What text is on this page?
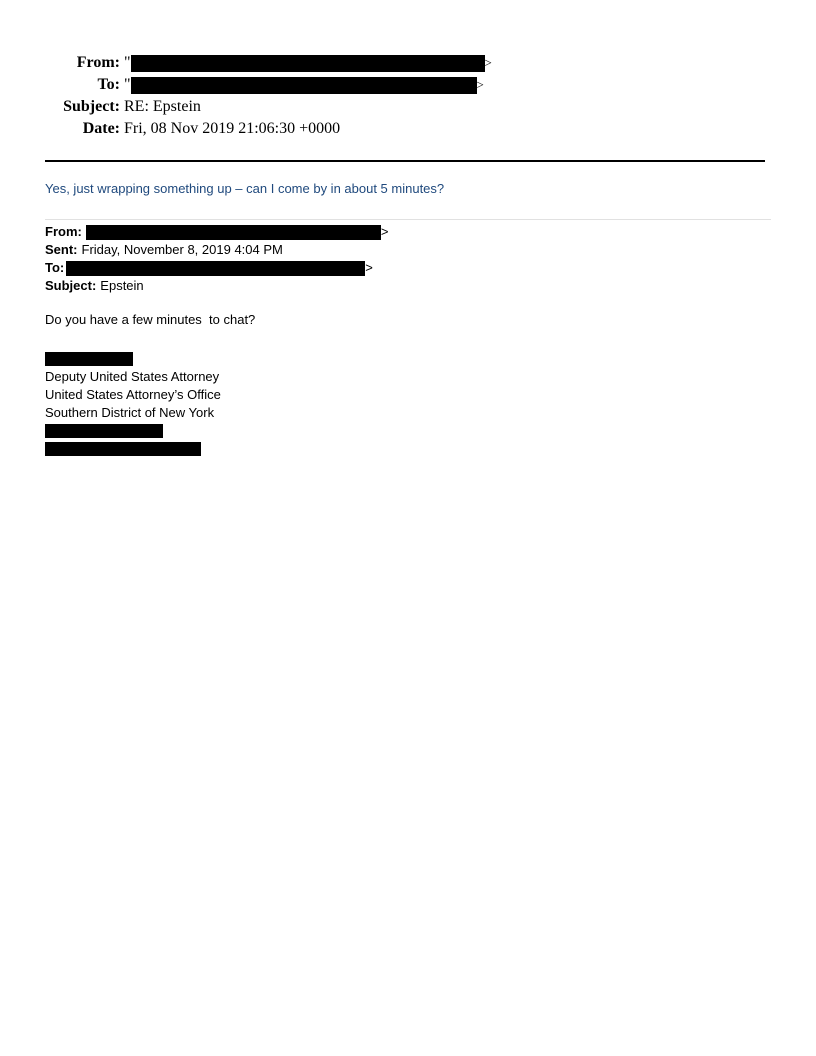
From: "	>
To: "	>
Subject: RE: Epstein
Date: Fri, 08 Nov 2019 21:06:30 +0000
Yes, just wrapping something up – can I come by in about 5 minutes?
From:	>
Sent: Friday, November 8, 2019 4:04 PM
To:	>
Subject: Epstein
Do you have a few minutes  to chat?
Deputy United States Attorney
United States Attorney’s Office
Southern District of New York
